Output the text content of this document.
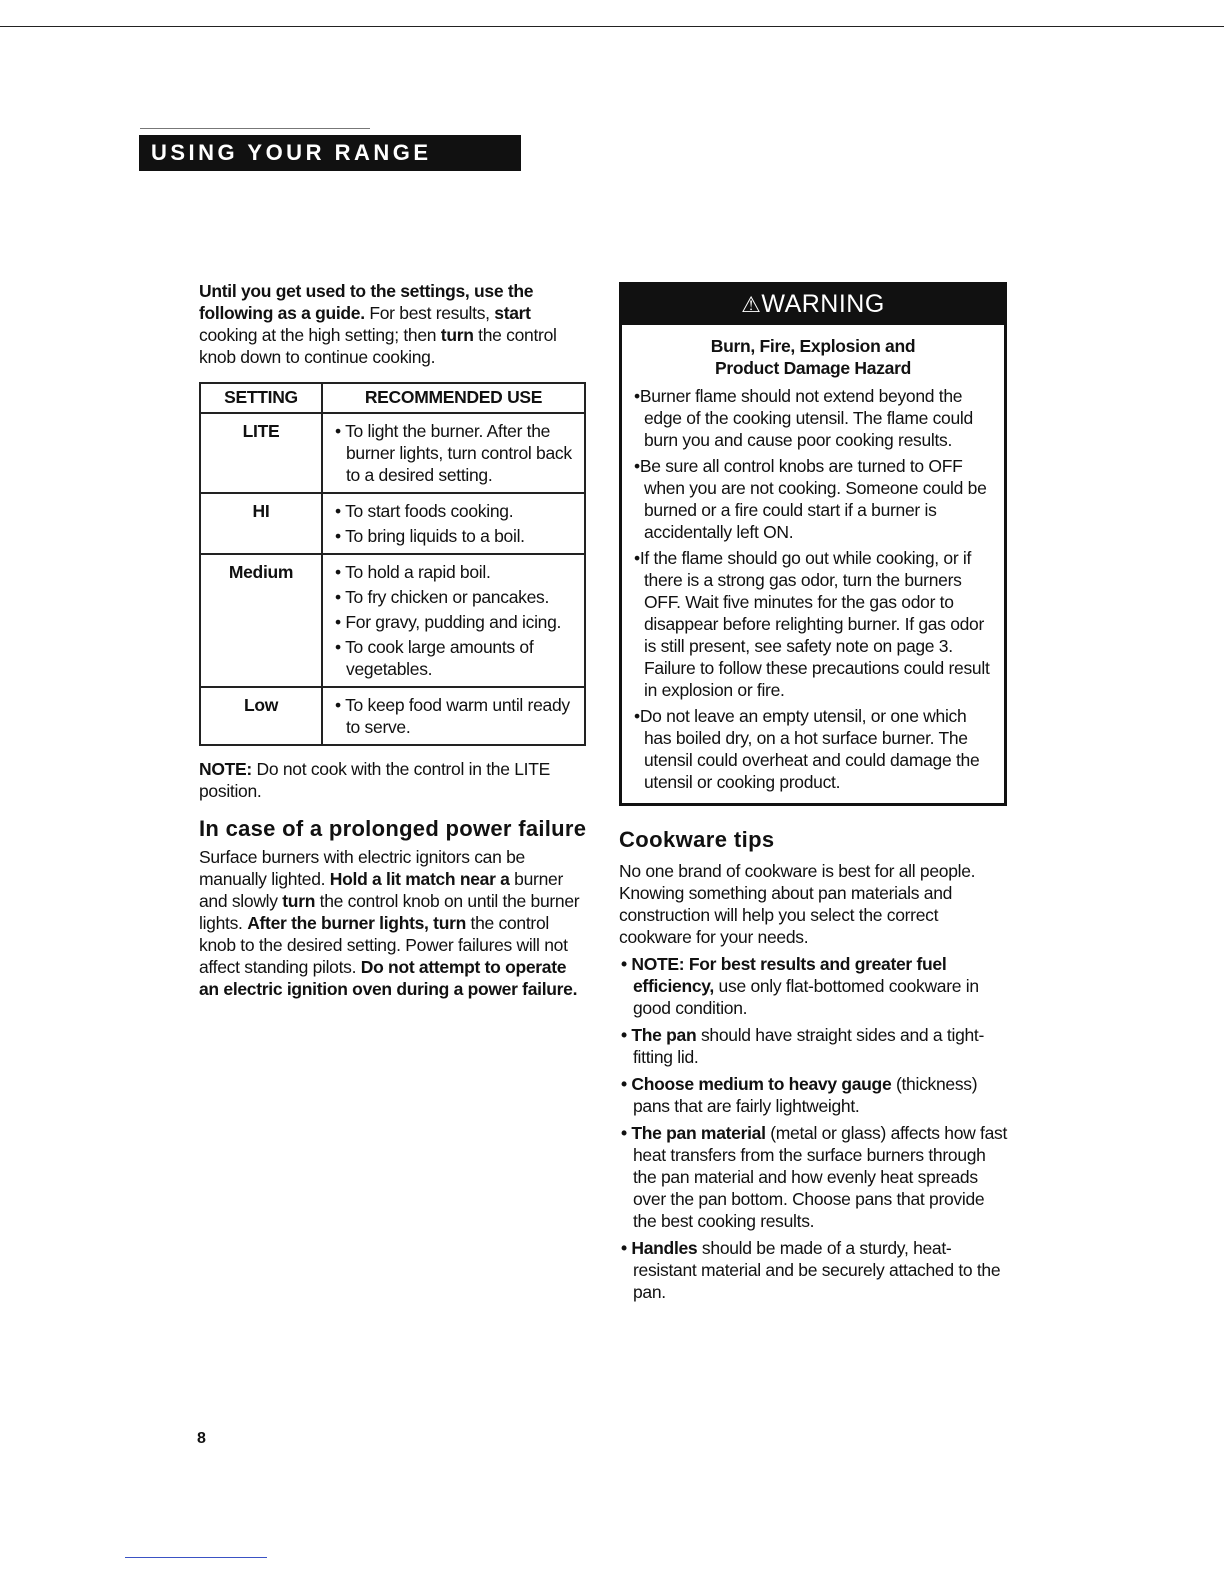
USING YOUR RANGE

Until you get used to the settings, use the following as a guide. For best results, start cooking at the high setting; then turn the control knob down to continue cooking.

SETTING	RECOMMENDED USE
LITE	• To light the burner. After the burner lights, turn control back to a desired setting.

HI	• To start foods cooking.
• To bring liquids to a boil.

Medium	• To hold a rapid boil.
• To fry chicken or pancakes.
• For gravy, pudding and icing.
• To cook large amounts of vegetables.

Low	• To keep food warm until ready to serve.

NOTE: Do not cook with the control in the LITE position.

In case of a prolonged power failure

Surface burners with electric ignitors can be manually lighted. Hold a lit match near a burner and slowly turn the control knob on until the burner lights. After the burner lights, turn the control knob to the desired setting. Power failures will not affect standing pilots. Do not attempt to operate an electric ignition oven during a power failure.

⚠WARNING
Burn, Fire, Explosion and
Product Damage Hazard
•Burner flame should not extend beyond the edge of the cooking utensil. The flame could burn you and cause poor cooking results.
•Be sure all control knobs are turned to OFF when you are not cooking. Someone could be burned or a fire could start if a burner is accidentally left ON.
•If the flame should go out while cooking, or if there is a strong gas odor, turn the burners OFF. Wait five minutes for the gas odor to disappear before relighting burner. If gas odor is still present, see safety note on page 3. Failure to follow these precautions could result in explosion or fire.
•Do not leave an empty utensil, or one which has boiled dry, on a hot surface burner. The utensil could overheat and could damage the utensil or cooking product.
Cookware tips

No one brand of cookware is best for all people. Knowing something about pan materials and construction will help you select the correct cookware for your needs.

• NOTE: For best results and greater fuel efficiency, use only flat-bottomed cookware in good condition.
• The pan should have straight sides and a tight-fitting lid.
• Choose medium to heavy gauge (thickness) pans that are fairly lightweight.
• The pan material (metal or glass) affects how fast heat transfers from the surface burners through the pan material and how evenly heat spreads over the pan bottom. Choose pans that provide the best cooking results.
• Handles should be made of a sturdy, heat-resistant material and be securely attached to the pan.
8
